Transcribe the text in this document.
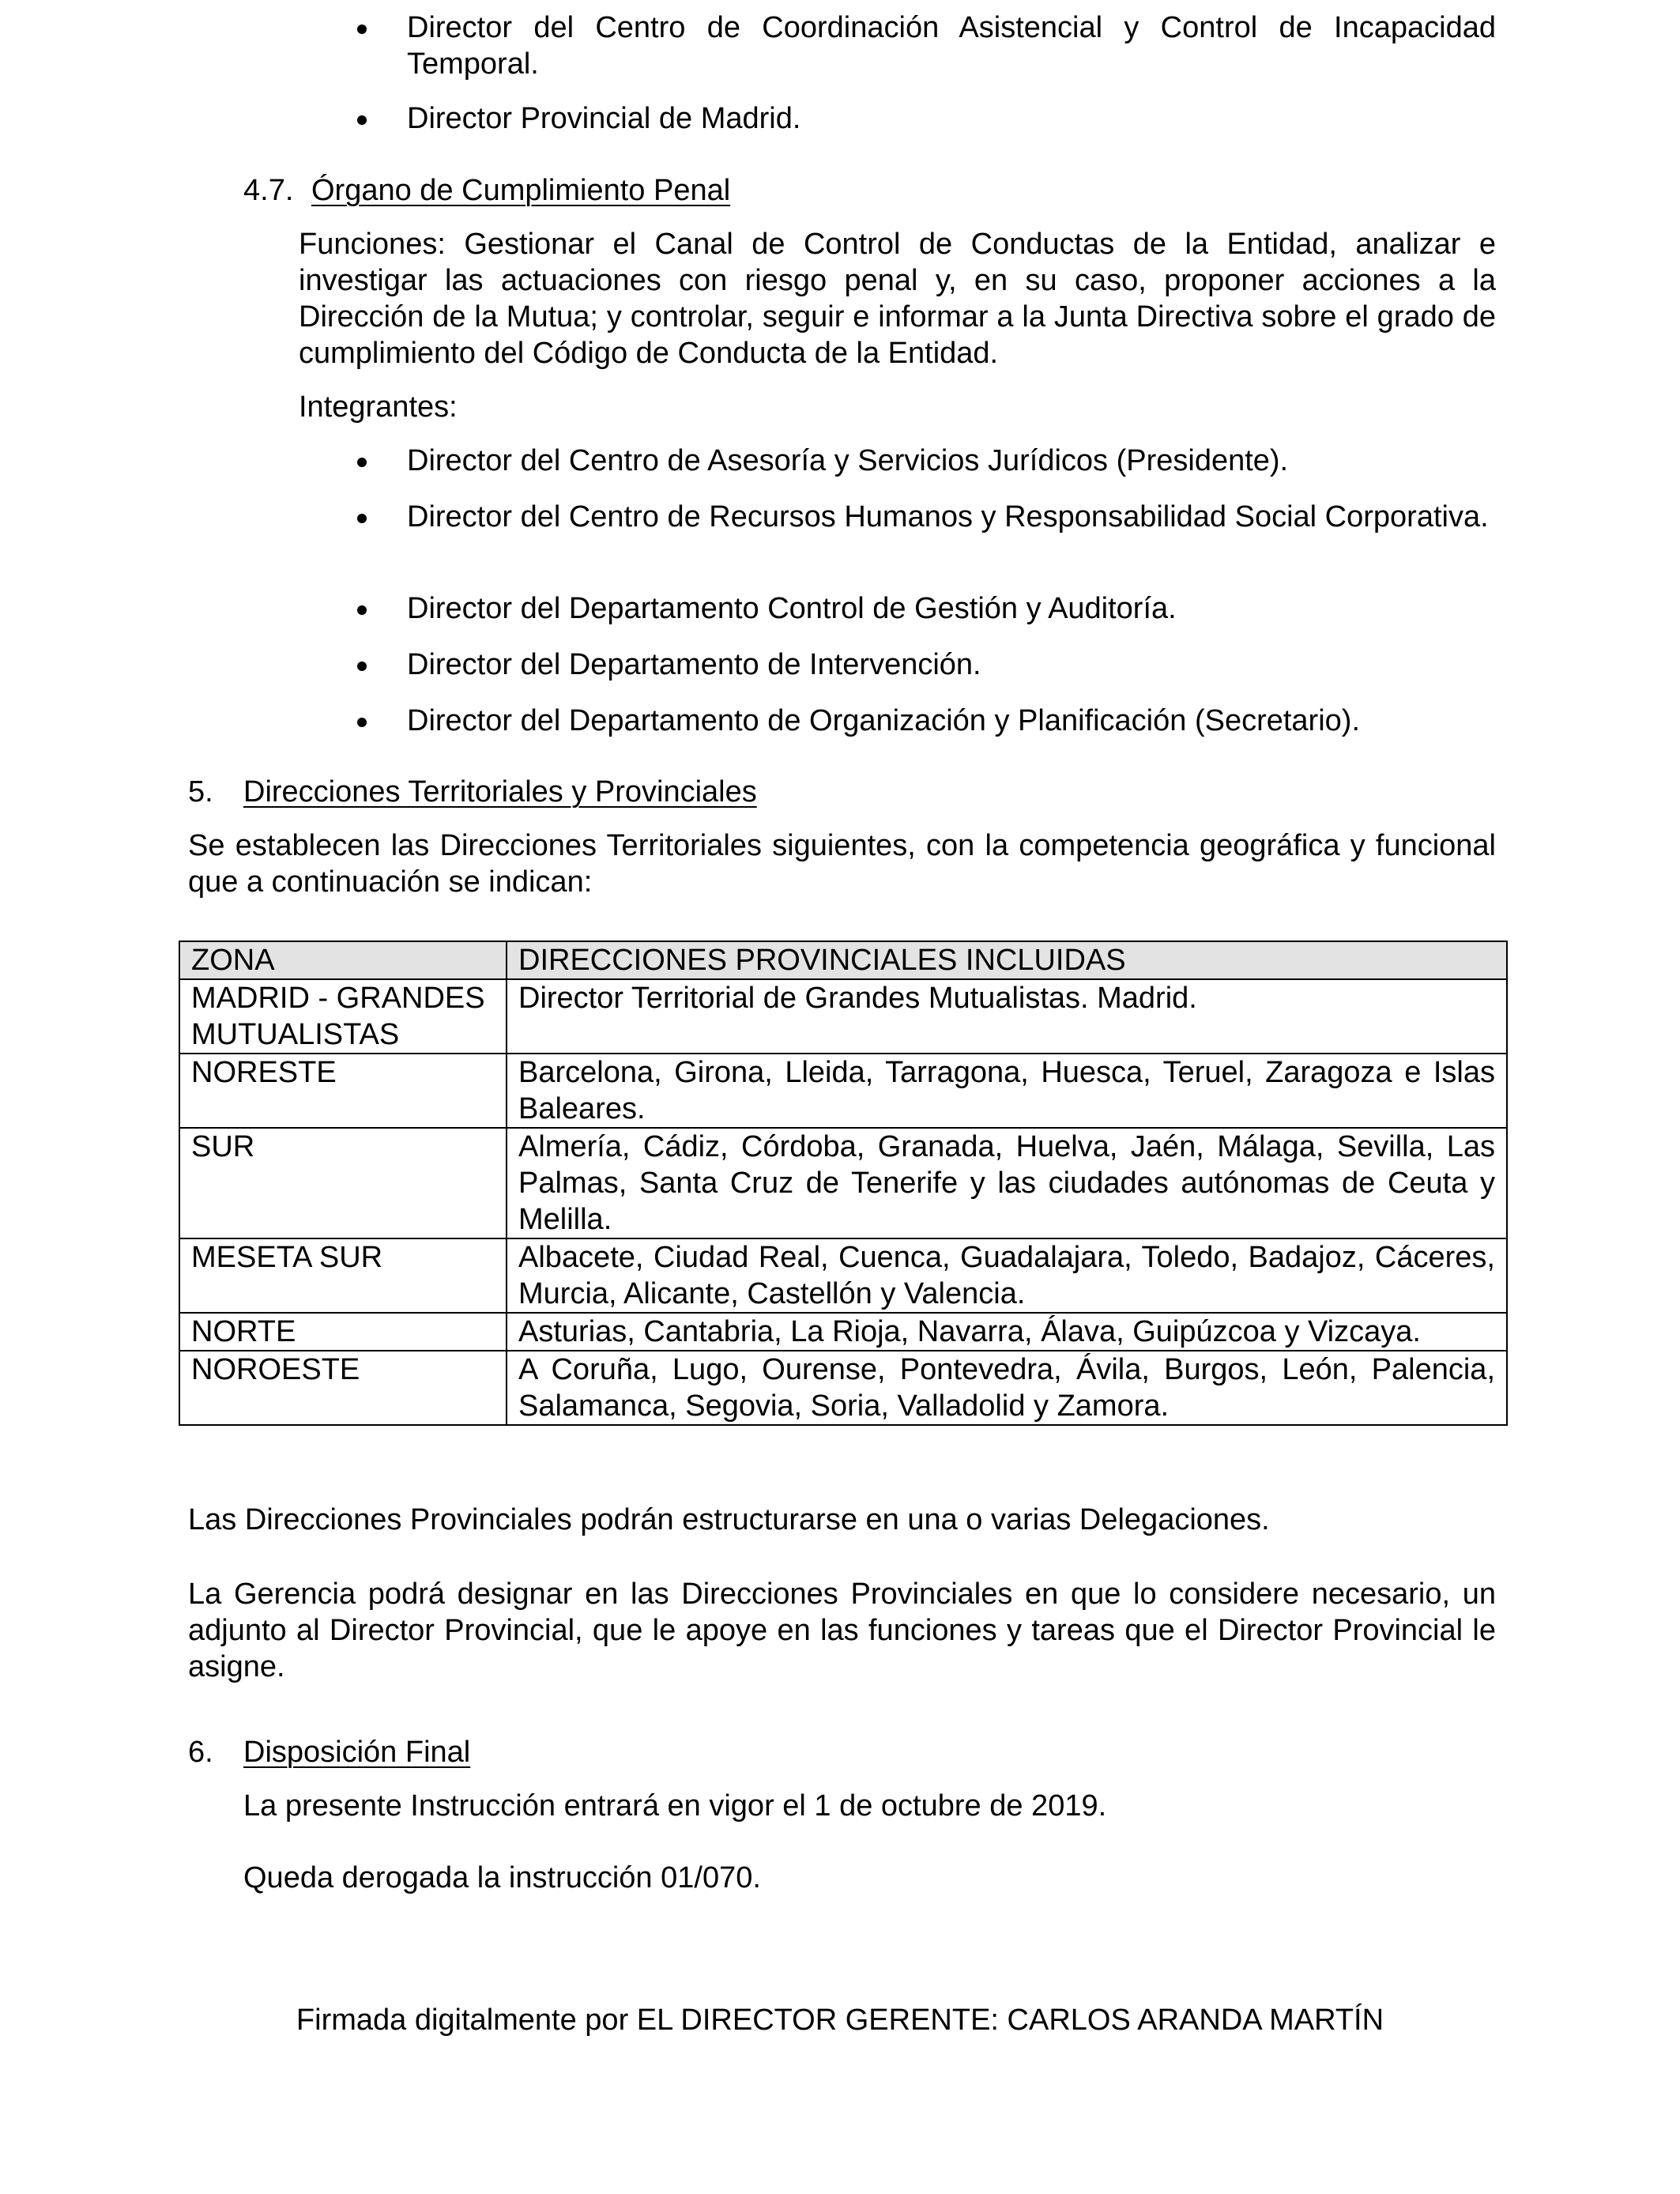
Director del Centro de Coordinación Asistencial y Control de Incapacidad Temporal.
Director Provincial de Madrid.
4.7. Órgano de Cumplimiento Penal

Funciones: Gestionar el Canal de Control de Conductas de la Entidad, analizar e investigar las actuaciones con riesgo penal y, en su caso, proponer acciones a la Dirección de la Mutua; y controlar, seguir e informar a la Junta Directiva sobre el grado de cumplimiento del Código de Conducta de la Entidad.

Integrantes:

Director del Centro de Asesoría y Servicios Jurídicos (Presidente).
Director del Centro de Recursos Humanos y Responsabilidad Social Corporativa.
Director del Departamento Control de Gestión y Auditoría.
Director del Departamento de Intervención.
Director del Departamento de Organización y Planificación (Secretario).
5. Direcciones Territoriales y Provinciales

Se establecen las Direcciones Territoriales siguientes, con la competencia geográfica y funcional que a continuación se indican:

ZONA	DIRECCIONES PROVINCIALES INCLUIDAS
MADRID - GRANDES MUTUALISTAS	Director Territorial de Grandes Mutualistas. Madrid.
NORESTE	Barcelona, Girona, Lleida, Tarragona, Huesca, Teruel, Zaragoza e Islas Baleares.
SUR	Almería, Cádiz, Córdoba, Granada, Huelva, Jaén, Málaga, Sevilla, Las Palmas, Santa Cruz de Tenerife y las ciudades autónomas de Ceuta y Melilla.
MESETA SUR	Albacete, Ciudad Real, Cuenca, Guadalajara, Toledo, Badajoz, Cáceres, Murcia, Alicante, Castellón y Valencia.
NORTE	Asturias, Cantabria, La Rioja, Navarra, Álava, Guipúzcoa y Vizcaya.
NOROESTE	A Coruña, Lugo, Ourense, Pontevedra, Ávila, Burgos, León, Palencia, Salamanca, Segovia, Soria, Valladolid y Zamora.

Las Direcciones Provinciales podrán estructurarse en una o varias Delegaciones.

La Gerencia podrá designar en las Direcciones Provinciales en que lo considere necesario, un adjunto al Director Provincial, que le apoye en las funciones y tareas que el Director Provincial le asigne.

6. Disposición Final

La presente Instrucción entrará en vigor el 1 de octubre de 2019.

Queda derogada la instrucción 01/070.

Firmada digitalmente por EL DIRECTOR GERENTE: CARLOS ARANDA MARTÍN
